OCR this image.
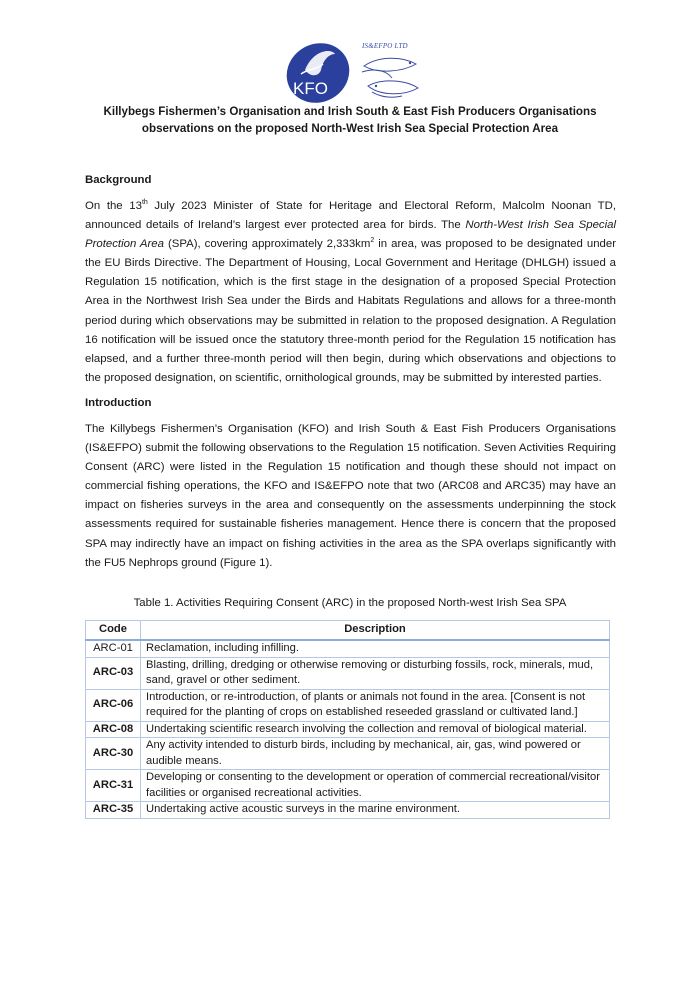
KFO
IS&EFPO LTD
Killybegs Fishermen’s Organisation and Irish South & East Fish Producers Organisations
observations on the proposed North-West Irish Sea Special Protection Area
Background
On the 13th July 2023 Minister of State for Heritage and Electoral Reform, Malcolm Noonan TD, announced details of Ireland’s largest ever protected area for birds. The North-West Irish Sea Special Protection Area (SPA), covering approximately $2,333km^2$ in area, was proposed to be designated under the EU Birds Directive. The Department of Housing, Local Government and Heritage (DHLGH) issued a Regulation 15 notification, which is the first stage in the designation of a proposed Special Protection Area in the Northwest Irish Sea under the Birds and Habitats Regulations and allows for a three-month period during which observations may be submitted in relation to the proposed designation. A Regulation 16 notification will be issued once the statutory three-month period for the Regulation 15 notification has elapsed, and a further three-month period will then begin, during which observations and objections to the proposed designation, on scientific, ornithological grounds, may be submitted by interested parties.
Introduction
The Killybegs Fishermen’s Organisation (KFO) and Irish South & East Fish Producers Organisations (IS&EFPO) submit the following observations to the Regulation 15 notification. Seven Activities Requiring Consent (ARC) were listed in the Regulation 15 notification and though these should not impact on commercial fishing operations, the KFO and IS&EFPO note that two (ARC08 and ARC35) may have an impact on fisheries surveys in the area and consequently on the assessments underpinning the stock assessments required for sustainable fisheries management. Hence there is concern that the proposed SPA may indirectly have an impact on fishing activities in the area as the SPA overlaps significantly with the FU5 Nephrops ground (Figure 1).
Table 1. Activities Requiring Consent (ARC) in the proposed North-west Irish Sea SPA
Code	Description
ARC-01	Reclamation, including infilling.
ARC-03	Blasting, drilling, dredging or otherwise removing or disturbing fossils, rock, minerals, mud, sand, gravel or other sediment.
ARC-06	Introduction, or re-introduction, of plants or animals not found in the area. [Consent is not required for the planting of crops on established reseeded grassland or cultivated land.]
ARC-08	Undertaking scientific research involving the collection and removal of biological material.
ARC-30	Any activity intended to disturb birds, including by mechanical, air, gas, wind powered or audible means.
ARC-31	Developing or consenting to the development or operation of commercial recreational/visitor facilities or organised recreational activities.
ARC-35	Undertaking active acoustic surveys in the marine environment.
